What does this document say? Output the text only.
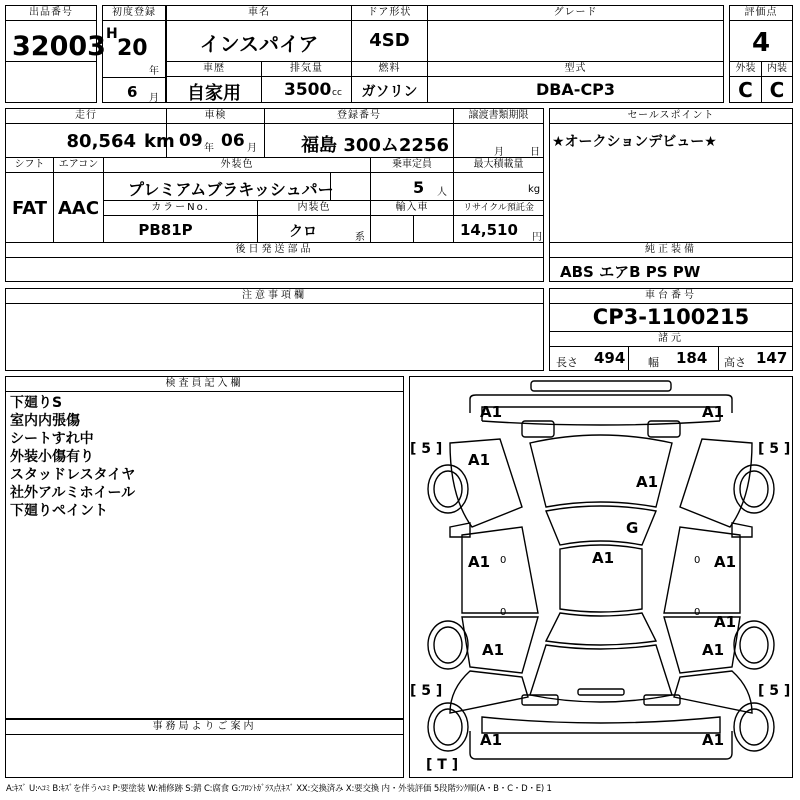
出品番号
32003
初度登録
H
20
年
6 月
車名
インスパイア
ドア形状
4SD
グレード	評価点
4
車歴
自家用
排気量
3500 cc
燃料
ガソリン
型式
DBA-CP3
外装
C
内装
C
走行
80,564 km
車検
09 年 06 月
登録番号
福島 300ム2256
譲渡書類期限
月	日
セールスポイント
★オークションデビュー★
シフト
FAT
エアコン
AAC
外装色
プレミアムブラキッシュパー
乗車定員
5 人
最大積載量
kg
カラーNo.
PB81P
内装色
クロ	系
輸入車	リサイクル預託金
14,510 円
後日発送部品	純正装備
ABS エアB PS PW
注意事項欄	車台番号
CP3-1100215
諸元
長さ 494 幅 184 高さ 147
検査員記入欄
下廻りS
室内内張傷
シートすれ中
外装小傷有り
スタッドレスタイヤ
社外アルミホイール
下廻りペイント
事務局よりご案内
A1	A1
A1
A1
G
A1
A1	A1
A1
A1	A1
A1	A1
0	0
0	0
[ 5 ]	[ 5 ]
[ 5 ]	[ 5 ]
[ T ]
A:ｷｽﾞ U:ﾍｺﾐ B:ｷｽﾞを伴うﾍｺﾐ P:要塗装 W:補修跡 S:錆 C:腐食 G:ﾌﾛﾝﾄｶﾞﾗｽ点ｷｽﾞ XX:交換済み X:要交換 内・外装評価 5段階ﾗﾝｸ順(A・B・C・D・E) 1
